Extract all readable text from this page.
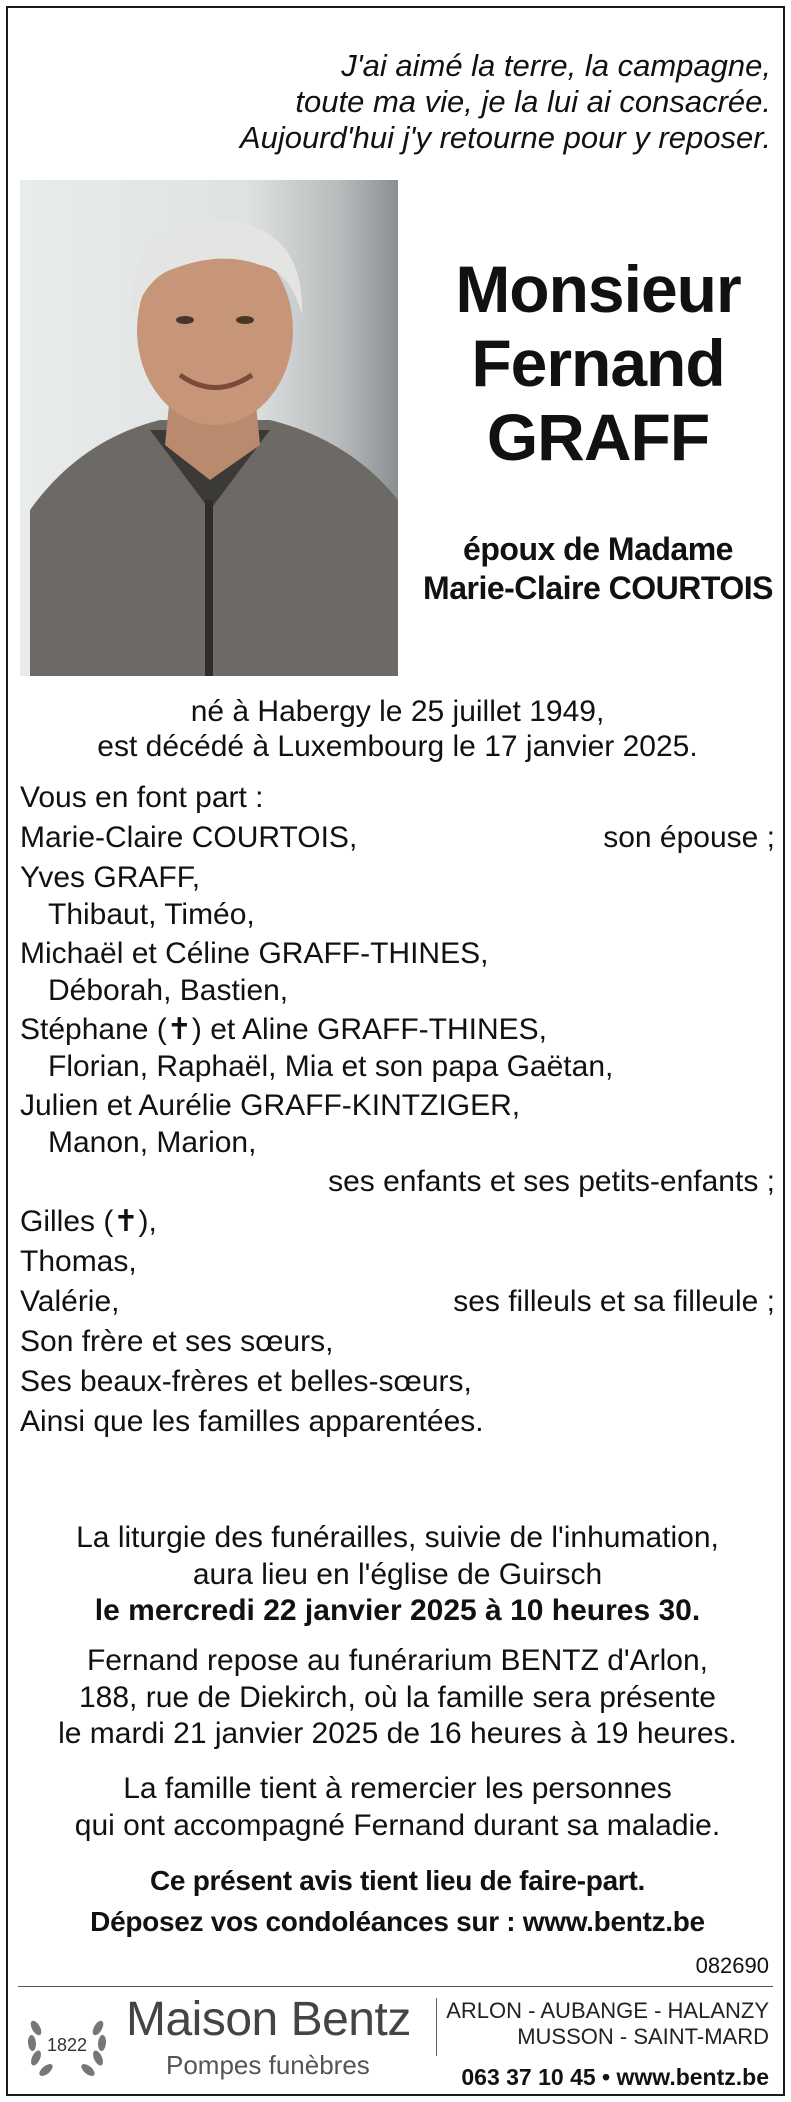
J'ai aimé la terre, la campagne,
toute ma vie, je la lui ai consacrée.
Aujourd'hui j'y retourne pour y reposer.
Monsieur
Fernand
GRAFF
époux de Madame
Marie-Claire COURTOIS
né à Habergy le 25 juillet 1949,
est décédé à Luxembourg le 17 janvier 2025.
Vous en font part :
Marie-Claire COURTOIS,	son épouse ;
Yves GRAFF,
Thibaut, Timéo,
Michaël et Céline GRAFF-THINES,
Déborah, Bastien,
Stéphane (✝) et Aline GRAFF-THINES,
Florian, Raphaël, Mia et son papa Gaëtan,
Julien et Aurélie GRAFF-KINTZIGER,
Manon, Marion,
ses enfants et ses petits-enfants ;
Gilles (✝),
Thomas,
Valérie,	ses filleuls et sa filleule ;
Son frère et ses sœurs,
Ses beaux-frères et belles-sœurs,
Ainsi que les familles apparentées.
La liturgie des funérailles, suivie de l'inhumation,
aura lieu en l'église de Guirsch
le mercredi 22 janvier 2025 à 10 heures 30.
Fernand repose au funérarium BENTZ d'Arlon,
188, rue de Diekirch, où la famille sera présente
le mardi 21 janvier 2025 de 16 heures à 19 heures.
La famille tient à remercier les personnes
qui ont accompagné Fernand durant sa maladie.
Ce présent avis tient lieu de faire-part.
Déposez vos condoléances sur : www.bentz.be
082690
1822 Maison Bentz
Pompes funèbres
ARLON - AUBANGE - HALANZY
MUSSON - SAINT-MARD
063 37 10 45 • www.bentz.be
